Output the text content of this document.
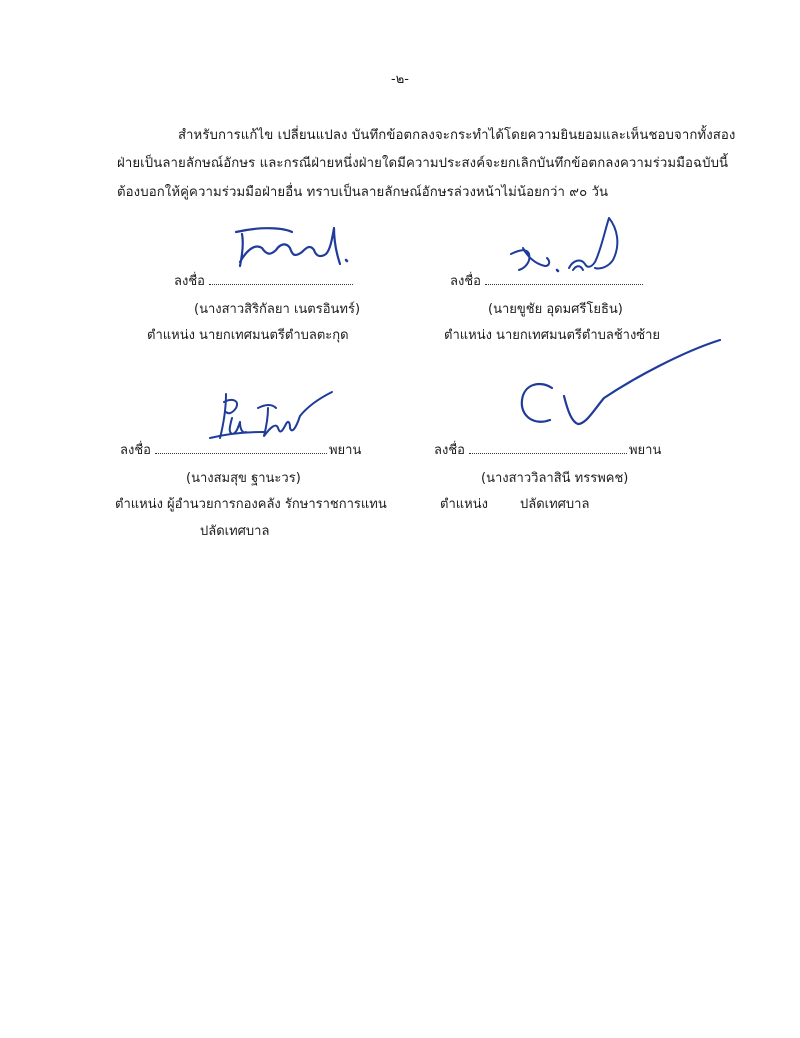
-๒-
สำหรับการแก้ไข เปลี่ยนแปลง บันทึกข้อตกลงจะกระทำได้โดยความยินยอมและเห็นชอบจากทั้งสอง
ฝ่ายเป็นลายลักษณ์อักษร และกรณีฝ่ายหนึ่งฝ่ายใดมีความประสงค์จะยกเลิกบันทึกข้อตกลงความร่วมมือฉบับนี้
ต้องบอกให้คู่ความร่วมมือฝ่ายอื่น ทราบเป็นลายลักษณ์อักษรล่วงหน้าไม่น้อยกว่า ๙๐ วัน
ลงชื่อ
(นางสาวสิริกัลยา เนตรอินทร์)
ตำแหน่ง นายกเทศมนตรีตำบลตะกุด
ลงชื่อ
(นายขูชัย อุดมศรีโยธิน)
ตำแหน่ง นายกเทศมนตรีตำบลช้างซ้าย
ลงชื่อ	พยาน
(นางสมสุข ฐานะวร)
ตำแหน่ง ผู้อำนวยการกองคลัง รักษาราชการแทน
ปลัดเทศบาล
ลงชื่อ	พยาน
(นางสาววิลาสินี ทรรพคช)
ตำแหน่ง ปลัดเทศบาล
